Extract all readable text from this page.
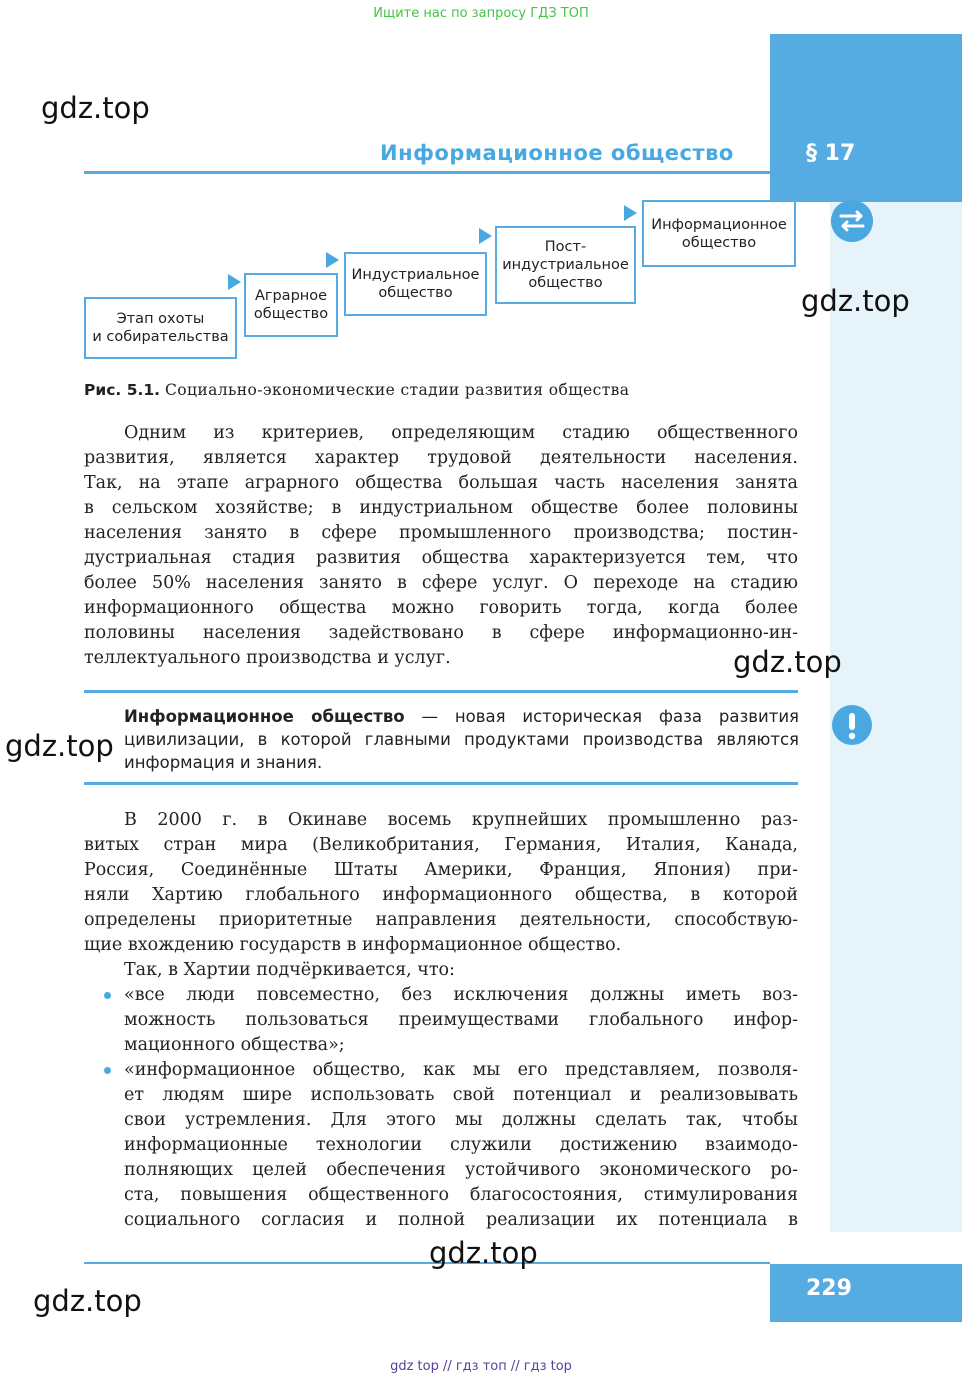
Ищите нас по запросу ГДЗ ТОП
Информационное общество	§ 17
Этап охоты
и собирательства
Аграрное
общество
Индустриальное
общество
Пост-
индустриальное
общество
Информационное
общество
Рис. 5.1. Социально-экономические стадии развития общества
Одним из критериев, определяющим стадию общественного
развития, является характер трудовой деятельности населения.
Так, на этапе аграрного общества большая часть населения занята
в сельском хозяйстве; в индустриальном обществе более половины
населения занято в сфере промышленного производства; постин-
дустриальная стадия развития общества характеризуется тем, что
более 50% населения занято в сфере услуг. О переходе на стадию
информационного общества можно говорить тогда, когда более
половины населения задействовано в сфере информационно-ин-
теллектуального производства и услуг.
Информационное общество — новая историческая фаза развития
цивилизации, в которой главными продуктами производства являются
информация и знания.
В 2000 г. в Окинаве восемь крупнейших промышленно раз-
витых стран мира (Великобритания, Германия, Италия, Канада,
Россия, Соединённые Штаты Америки, Франция, Япония) при-
няли Хартию глобального информационного общества, в которой
определены приоритетные направления деятельности, способствую-
щие вхождению государств в информационное общество.
Так, в Хартии подчёркивается, что:
«все люди повсеместно, без исключения должны иметь воз-
можность пользоваться преимуществами глобального инфор-
мационного общества»;
«информационное общество, как мы его представляем, позволя-
ет людям шире использовать свой потенциал и реализовывать
свои устремления. Для этого мы должны сделать так, чтобы
информационные технологии служили достижению взаимодо-
полняющих целей обеспечения устойчивого экономического ро-
ста, повышения общественного благосостояния, стимулирования
социального согласия и полной реализации их потенциала в
229
gdz.top
gdz.top
gdz.top
gdz.top
gdz.top
gdz.top
gdz top // гдз топ // гдз top
